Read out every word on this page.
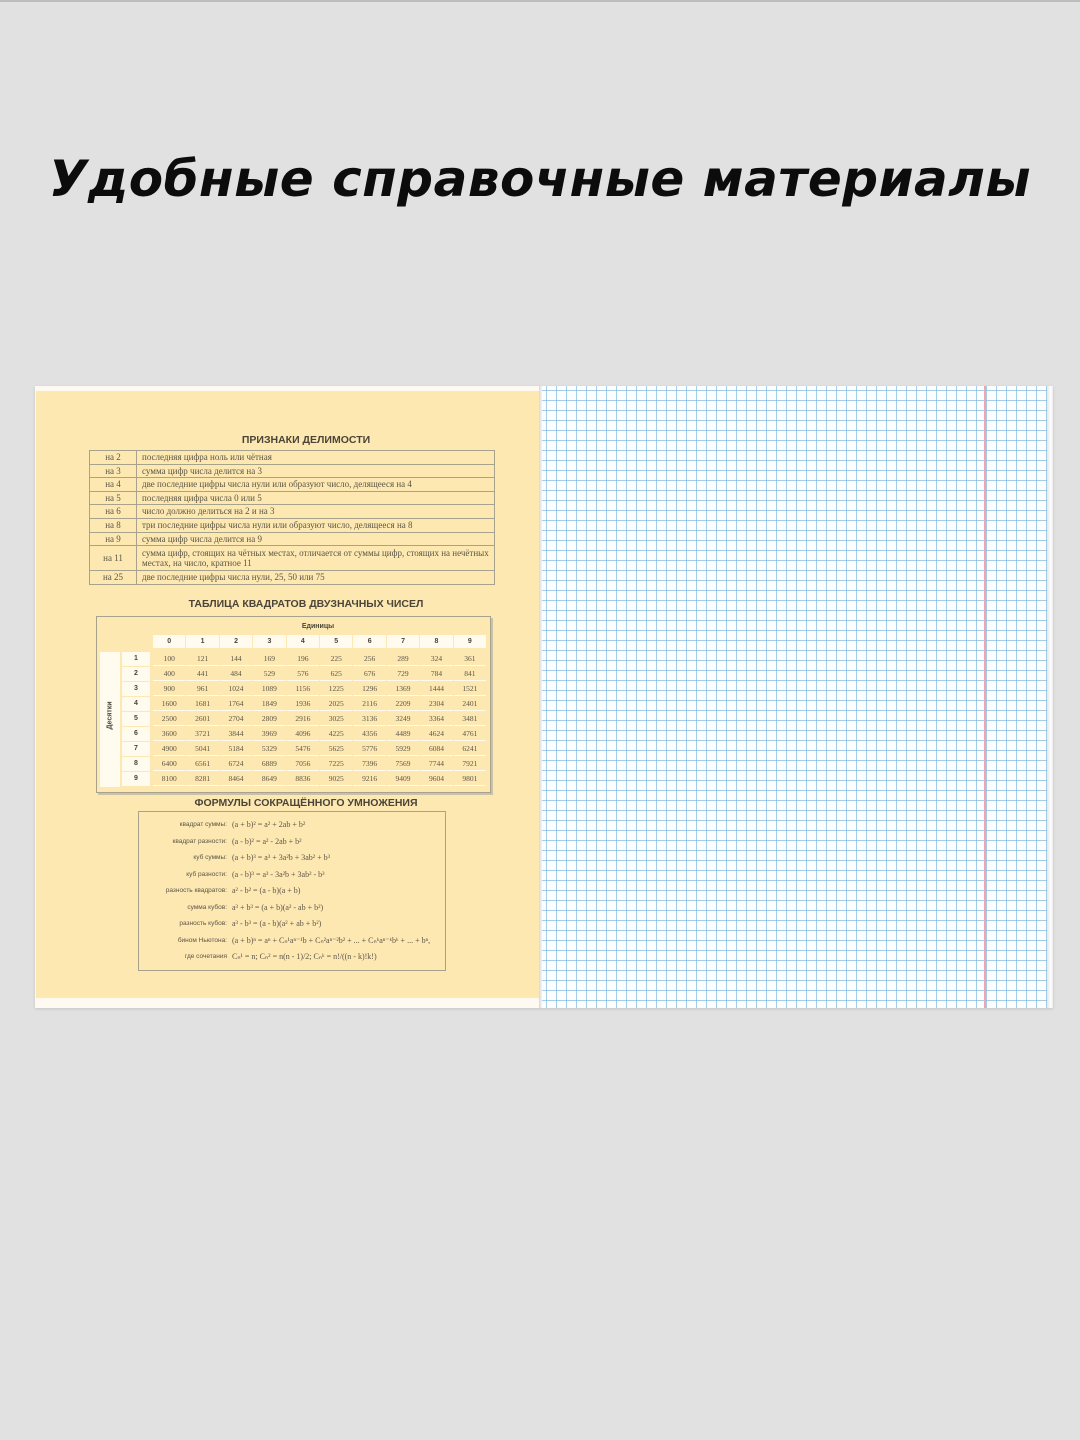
Удобные справочные материалы
ПРИЗНАКИ ДЕЛИМОСТИ
на 2	последняя цифра ноль или чётная
на 3	сумма цифр числа делится на 3
на 4	две последние цифры числа нули или образуют число, делящееся на 4
на 5	последняя цифра числа 0 или 5
на 6	число должно делиться на 2 и на 3
на 8	три последние цифры числа нули или образуют число, делящееся на 8
на 9	сумма цифр числа делится на 9
на 11	сумма цифр, стоящих на чётных местах, отличается от суммы цифр, стоящих на нечётных местах, на число, кратное 11
на 25	две последние цифры числа нули, 25, 50 или 75
ТАБЛИЦА КВАДРАТОВ ДВУЗНАЧНЫХ ЧИСЕЛ
Единицы
0	1	2	3	4	5	6	7	8	9
Десятки
1	100	121	144	169	196	225	256	289	324	361
2	400	441	484	529	576	625	676	729	784	841
3	900	961	1024	1089	1156	1225	1296	1369	1444	1521
4	1600	1681	1764	1849	1936	2025	2116	2209	2304	2401
5	2500	2601	2704	2809	2916	3025	3136	3249	3364	3481
6	3600	3721	3844	3969	4096	4225	4356	4489	4624	4761
7	4900	5041	5184	5329	5476	5625	5776	5929	6084	6241
8	6400	6561	6724	6889	7056	7225	7396	7569	7744	7921
9	8100	8281	8464	8649	8836	9025	9216	9409	9604	9801
ФОРМУЛЫ СОКРАЩЁННОГО УМНОЖЕНИЯ
квадрат суммы: (a + b)² = a² + 2ab + b²
квадрат разности: (a - b)² = a² - 2ab + b²
куб суммы: (a + b)³ = a³ + 3a²b + 3ab² + b³
куб разности: (a - b)³ = a³ - 3a²b + 3ab² - b³
разность квадратов: a² - b² = (a - b)(a + b)
сумма кубов: a³ + b³ = (a + b)(a² - ab + b²)
разность кубов: a³ - b³ = (a - b)(a² + ab + b²)
бином Ньютона: (a + b)ⁿ = aⁿ + Cₙ¹aⁿ⁻¹b + Cₙ²aⁿ⁻²b² + ... + Cₙᵏaⁿ⁻ᵏbᵏ + ... + bⁿ,
где сочетания Cₙ¹ = n; Cₙ² = n(n - 1)/2; Cₙᵏ = n!/((n - k)!k!)
